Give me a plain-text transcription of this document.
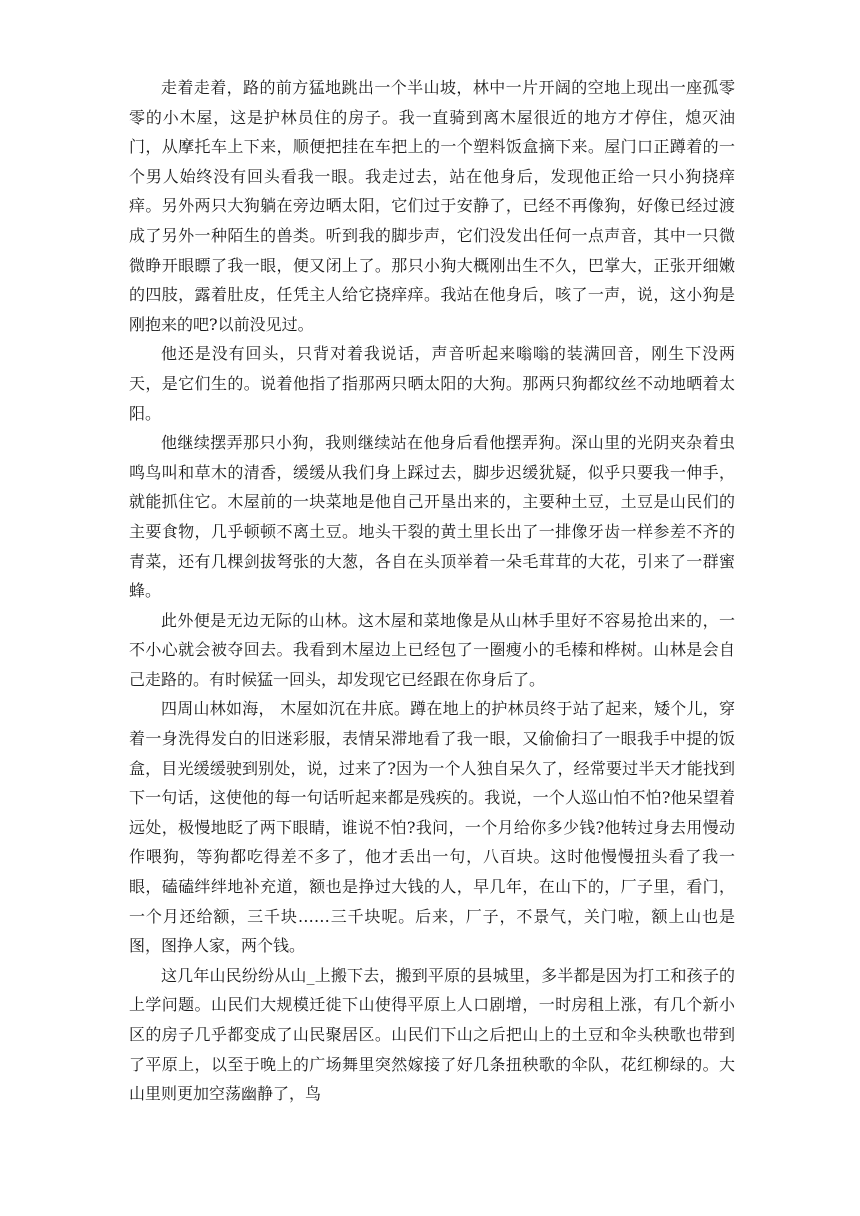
走着走着，路的前方猛地跳出一个半山坡，林中一片开阔的空地上现出一座孤零零的小木屋，这是护林员住的房子。我一直骑到离木屋很近的地方才停住，熄灭油门，从摩托车上下来，顺便把挂在车把上的一个塑料饭盒摘下来。屋门口正蹲着的一个男人始终没有回头看我一眼。我走过去，站在他身后，发现他正给一只小狗挠痒痒。另外两只大狗躺在旁边晒太阳，它们过于安静了，已经不再像狗，好像已经过渡成了另外一种陌生的兽类。听到我的脚步声，它们没发出任何一点声音，其中一只微微睁开眼瞟了我一眼，便又闭上了。那只小狗大概刚出生不久，巴掌大，正张开细嫩的四肢，露着肚皮，任凭主人给它挠痒痒。我站在他身后，咳了一声，说，这小狗是刚抱来的吧?以前没见过。

他还是没有回头，只背对着我说话，声音听起来嗡嗡的装满回音，刚生下没两天，是它们生的。说着他指了指那两只晒太阳的大狗。那两只狗都纹丝不动地晒着太阳。

他继续摆弄那只小狗，我则继续站在他身后看他摆弄狗。深山里的光阴夹杂着虫鸣鸟叫和草木的清香，缓缓从我们身上踩过去，脚步迟缓犹疑，似乎只要我一伸手，就能抓住它。木屋前的一块菜地是他自己开垦出来的，主要种土豆，土豆是山民们的主要食物，几乎顿顿不离土豆。地头干裂的黄土里长出了一排像牙齿一样参差不齐的青菜，还有几棵剑拔弩张的大葱，各自在头顶举着一朵毛茸茸的大花，引来了一群蜜蜂。

此外便是无边无际的山林。这木屋和菜地像是从山林手里好不容易抢出来的，一不小心就会被夺回去。我看到木屋边上已经包了一圈瘦小的毛榛和桦树。山林是会自己走路的。有时候猛一回头，却发现它已经跟在你身后了。

四周山林如海， 木屋如沉在井底。蹲在地上的护林员终于站了起来，矮个儿，穿着一身洗得发白的旧迷彩服，表情呆滞地看了我一眼，又偷偷扫了一眼我手中提的饭盒，目光缓缓驶到别处，说，过来了?因为一个人独自呆久了，经常要过半天才能找到下一句话，这使他的每一句话听起来都是残疾的。我说，一个人巡山怕不怕?他呆望着远处，极慢地眨了两下眼睛，谁说不怕?我问，一个月给你多少钱?他转过身去用慢动作喂狗，等狗都吃得差不多了，他才丢出一句，八百块。这时他慢慢扭头看了我一眼，磕磕绊绊地补充道，额也是挣过大钱的人，早几年，在山下的，厂子里，看门，一个月还给额，三千块……三千块呢。后来，厂子，不景气，关门啦，额上山也是图，图挣人家，两个钱。

这几年山民纷纷从山_上搬下去，搬到平原的县城里，多半都是因为打工和孩子的上学问题。山民们大规模迁徙下山使得平原上人口剧增，一时房租上涨，有几个新小区的房子几乎都变成了山民聚居区。山民们下山之后把山上的土豆和伞头秧歌也带到了平原上，以至于晚上的广场舞里突然嫁接了好几条扭秧歌的伞队，花红柳绿的。大山里则更加空荡幽静了，鸟
